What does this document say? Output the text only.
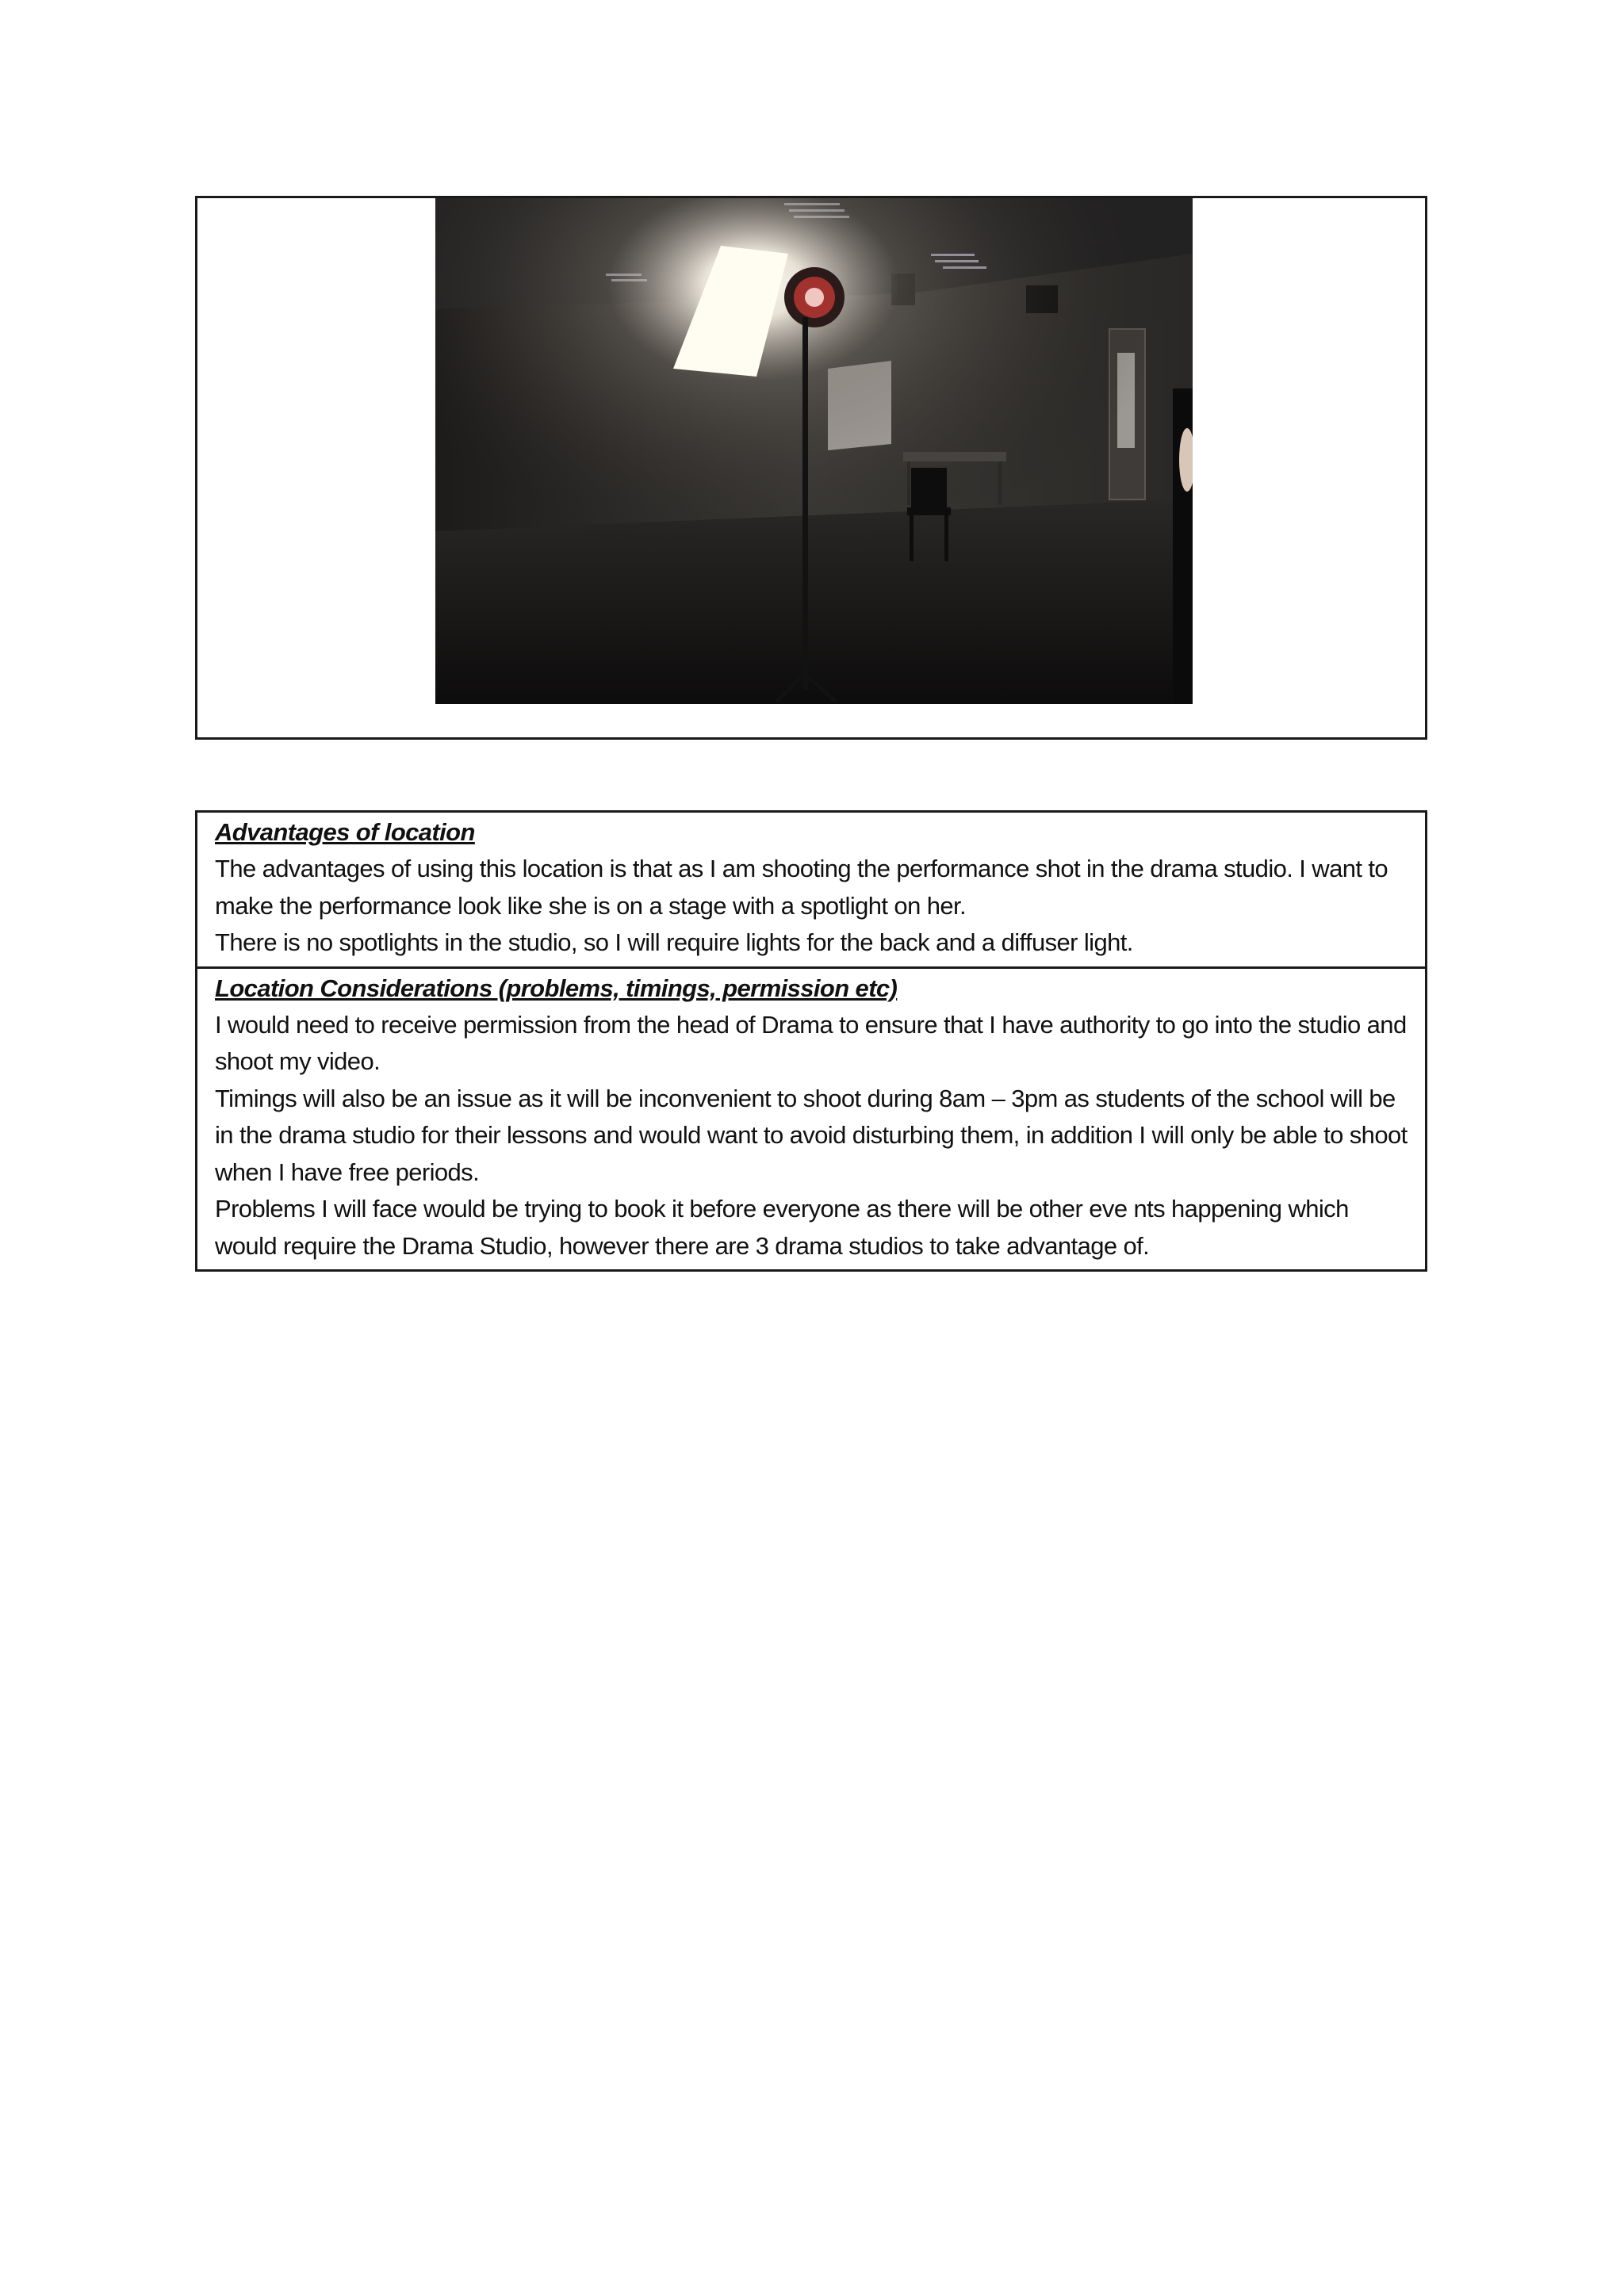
Advantages of location

The advantages of using this location is that as I am shooting the performance shot in the drama studio. I want to make the performance look like she is on a stage with a spotlight on her.

There is no spotlights in the studio, so I will require lights for the back and a diffuser light.

Location Considerations (problems, timings, permission etc)

I would need to receive permission from the head of Drama to ensure that I have authority to go into the studio and shoot my video.

Timings will also be an issue as it will be inconvenient to shoot during 8am – 3pm as students of the school will be in the drama studio for their lessons and would want to avoid disturbing them, in addition I will only be able to shoot when I have free periods.

Problems I will face would be trying to book it before everyone as there will be other eve nts happening which would require the Drama Studio, however there are 3 drama studios to take advantage of.
